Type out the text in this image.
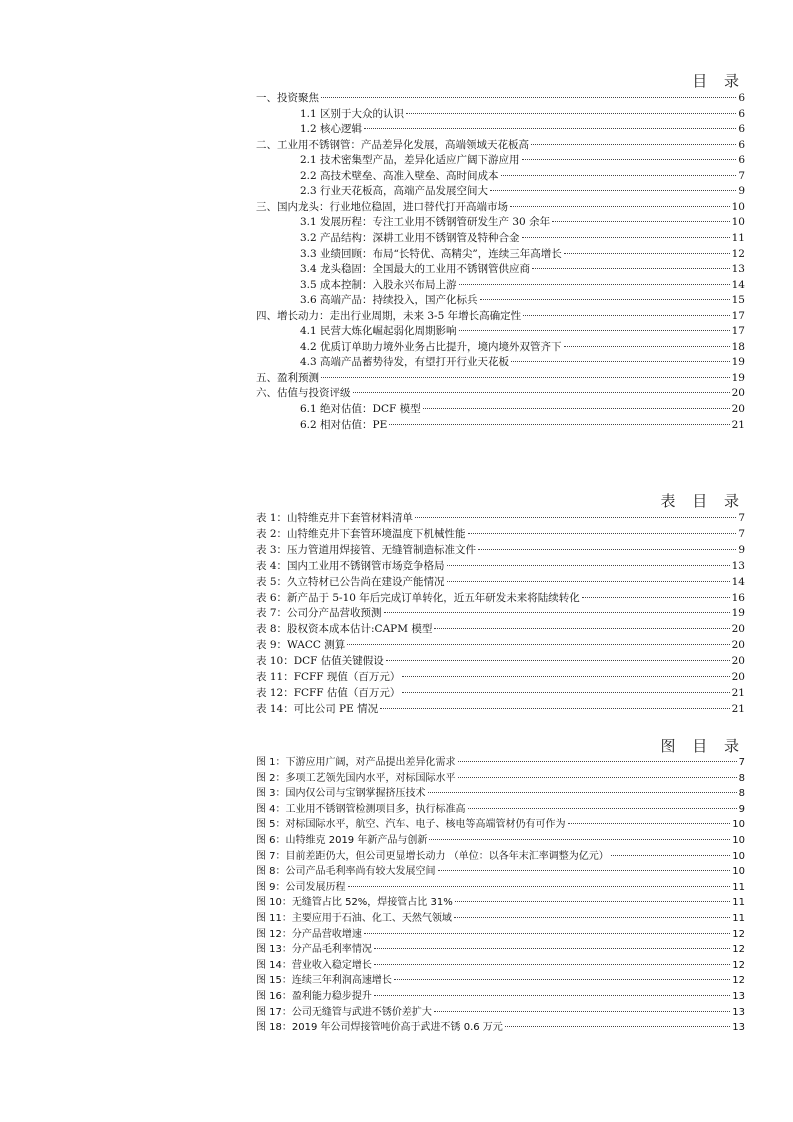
目 录
一、投资聚焦	6
1.1 区别于大众的认识	6
1.2 核心逻辑	6
二、工业用不锈钢管：产品差异化发展，高端领域天花板高	6
2.1 技术密集型产品，差异化适应广阔下游应用	6
2.2 高技术壁垒、高准入壁垒、高时间成本	7
2.3 行业天花板高，高端产品发展空间大	9
三、国内龙头：行业地位稳固，进口替代打开高端市场	10
3.1 发展历程：专注工业用不锈钢管研发生产 30 余年	10
3.2 产品结构：深耕工业用不锈钢管及特种合金	11
3.3 业绩回顾：布局“长特优、高精尖”，连续三年高增长	12
3.4 龙头稳固：全国最大的工业用不锈钢管供应商	13
3.5 成本控制：入股永兴布局上游	14
3.6 高端产品：持续投入，国产化标兵	15
四、增长动力：走出行业周期，未来 3-5 年增长高确定性	17
4.1 民营大炼化崛起弱化周期影响	17
4.2 优质订单助力境外业务占比提升，境内境外双管齐下	18
4.3 高端产品蓄势待发，有望打开行业天花板	19
五、盈利预测	19
六、估值与投资评级	20
6.1 绝对估值：DCF 模型	20
6.2 相对估值：PE	21
表 目 录
表 1：山特维克井下套管材料清单	7
表 2：山特维克井下套管环境温度下机械性能	7
表 3：压力管道用焊接管、无缝管制造标准文件	9
表 4：国内工业用不锈钢管市场竞争格局	13
表 5：久立特材已公告尚在建设产能情况	14
表 6：新产品于 5-10 年后完成订单转化，近五年研发未来将陆续转化	16
表 7：公司分产品营收预测	19
表 8：股权资本成本估计:CAPM 模型	20
表 9：WACC 测算	20
表 10：DCF 估值关键假设	20
表 11：FCFF 现值（百万元）	20
表 12：FCFF 估值（百万元）	21
表 14：可比公司 PE 情况	21
图 目 录
图 1：下游应用广阔，对产品提出差异化需求	7
图 2：多项工艺领先国内水平，对标国际水平	8
图 3：国内仅公司与宝钢掌握挤压技术	8
图 4：工业用不锈钢管检测项目多，执行标准高	9
图 5：对标国际水平，航空、汽车、电子、核电等高端管材仍有可作为	10
图 6：山特维克 2019 年新产品与创新	10
图 7：目前差距仍大，但公司更显增长动力 （单位：以各年末汇率调整为亿元）	10
图 8：公司产品毛利率尚有较大发展空间	10
图 9：公司发展历程	11
图 10：无缝管占比 52%，焊接管占比 31%	11
图 11：主要应用于石油、化工、天然气领域	11
图 12：分产品营收增速	12
图 13：分产品毛利率情况	12
图 14：营业收入稳定增长	12
图 15：连续三年利润高速增长	12
图 16：盈利能力稳步提升	13
图 17：公司无缝管与武进不锈价差扩大	13
图 18：2019 年公司焊接管吨价高于武进不锈 0.6 万元	13
